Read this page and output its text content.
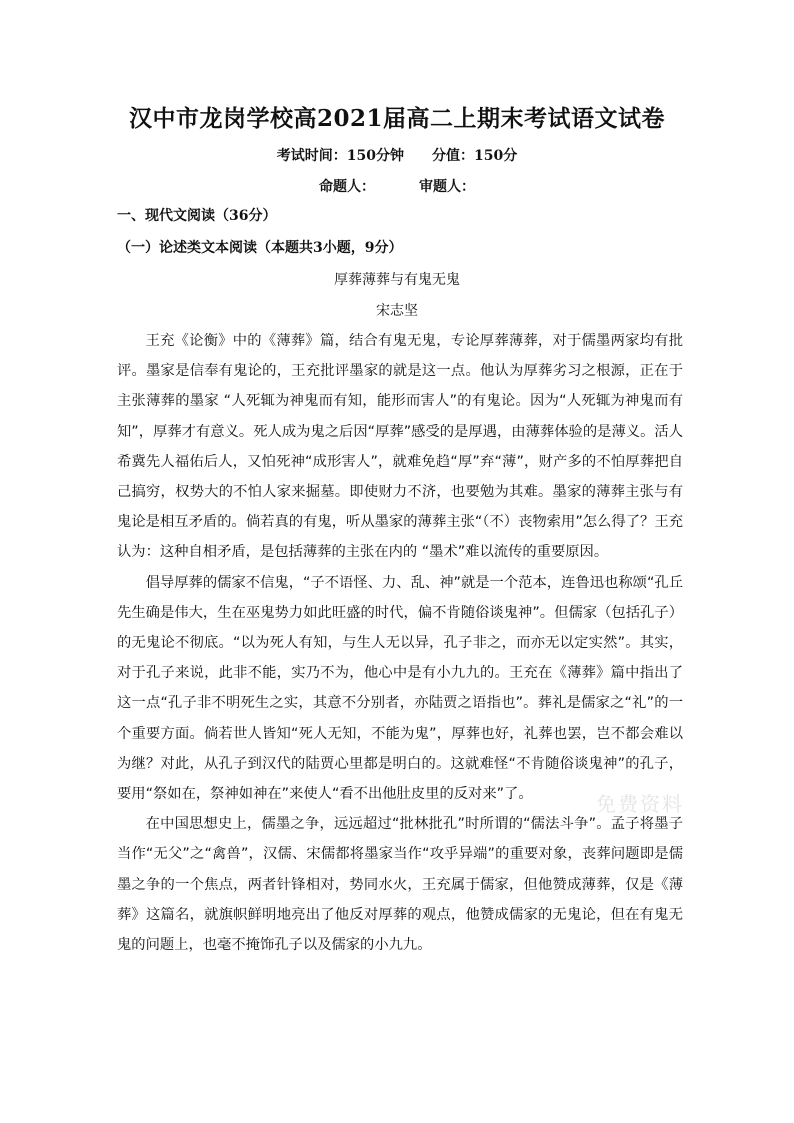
汉中市龙岗学校高2021届高二上期末考试语文试卷
考试时间：150分钟 分值：150分
命题人：	审题人：
一、现代文阅读（36分）
（一）论述类文本阅读（本题共3小题，9分）
厚葬薄葬与有鬼无鬼
宋志坚

王充《论衡》中的《薄葬》篇，结合有鬼无鬼，专论厚葬薄葬，对于儒墨两家均有批评。墨家是信奉有鬼论的，王充批评墨家的就是这一点。他认为厚葬劣习之根源，正在于主张薄葬的墨家 “人死辄为神鬼而有知，能形而害人”的有鬼论。因为“人死辄为神鬼而有知”，厚葬才有意义。死人成为鬼之后因“厚葬”感受的是厚遇，由薄葬体验的是薄义。活人希冀先人福佑后人，又怕死神“成形害人”，就难免趋“厚”弃“薄”，财产多的不怕厚葬把自己搞穷，权势大的不怕人家来掘墓。即使财力不济，也要勉为其难。墨家的薄葬主张与有鬼论是相互矛盾的。倘若真的有鬼，听从墨家的薄葬主张“（不）丧物索用”怎么得了？王充认为：这种自相矛盾，是包括薄葬的主张在内的 “墨术”难以流传的重要原因。

倡导厚葬的儒家不信鬼，“子不语怪、力、乱、神”就是一个范本，连鲁迅也称颂“孔丘先生确是伟大，生在巫鬼势力如此旺盛的时代，偏不肯随俗谈鬼神”。但儒家（包括孔子）的无鬼论不彻底。“以为死人有知，与生人无以异，孔子非之，而亦无以定实然”。其实，对于孔子来说，此非不能，实乃不为，他心中是有小九九的。王充在《薄葬》篇中指出了这一点“孔子非不明死生之实，其意不分别者，亦陆贾之语指也”。葬礼是儒家之“礼”的一个重要方面。倘若世人皆知“死人无知，不能为鬼”，厚葬也好，礼葬也罢，岂不都会难以为继？对此，从孔子到汉代的陆贾心里都是明白的。这就难怪“不肯随俗谈鬼神”的孔子，要用“祭如在，祭神如神在”来使人“看不出他肚皮里的反对来”了。

在中国思想史上，儒墨之争，远远超过“批林批孔”时所谓的“儒法斗争”。孟子将墨子当作“无父”之“禽兽”，汉儒、宋儒都将墨家当作“攻乎异端”的重要对象，丧葬问题即是儒墨之争的一个焦点，两者针锋相对，势同水火，王充属于儒家，但他赞成薄葬，仅是《薄葬》这篇名，就旗帜鲜明地亮出了他反对厚葬的观点，他赞成儒家的无鬼论，但在有鬼无鬼的问题上，也毫不掩饰孔子以及儒家的小九九。

免费资料
